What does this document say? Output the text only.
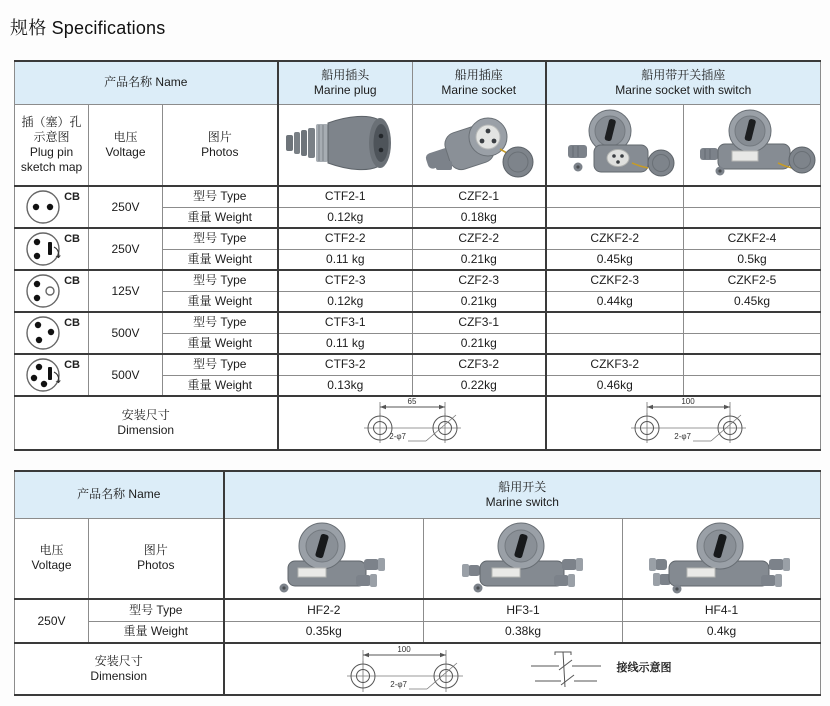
规格 Specifications
产品名称 Name			船用插头
Marine plug	船用插座
Marine socket	船用带开关插座
Marine socket with switch	

插（塞）孔
示意图
Plug pin
sketch map	电压
Voltage	图片
Photos

CB	250V	型号 Type	CTF2-1	CZF2-1		
		重量 Weight	0.12kg	0.18kg		

CB	250V	型号 Type	CTF2-2	CZF2-2	CZKF2-2	CZKF2-4
		重量 Weight	0.11 kg	0.21kg	0.45kg	0.5kg

CB	125V	型号 Type	CTF2-3	CZF2-3	CZKF2-3	CZKF2-5
		重量 Weight	0.12kg	0.21kg	0.44kg	0.45kg

CB	500V	型号 Type	CTF3-1	CZF3-1		
		重量 Weight	0.11 kg	0.21kg		

CB	500V	型号 Type	CTF3-2	CZF3-2	CZKF3-2	
		重量 Weight	0.13kg	0.22kg	0.46kg	

安装尺寸
Dimension			65
2-φ7		100
2-φ7	
产品名称 Name		船用开关
Marine switch		

电压
Voltage	图片
Photos

250V	型号 Type	HF2-2	HF3-1	HF4-1
	重量 Weight	0.35kg	0.38kg	0.4kg

安装尺寸
Dimension		100
2-φ7
接线示意图		
